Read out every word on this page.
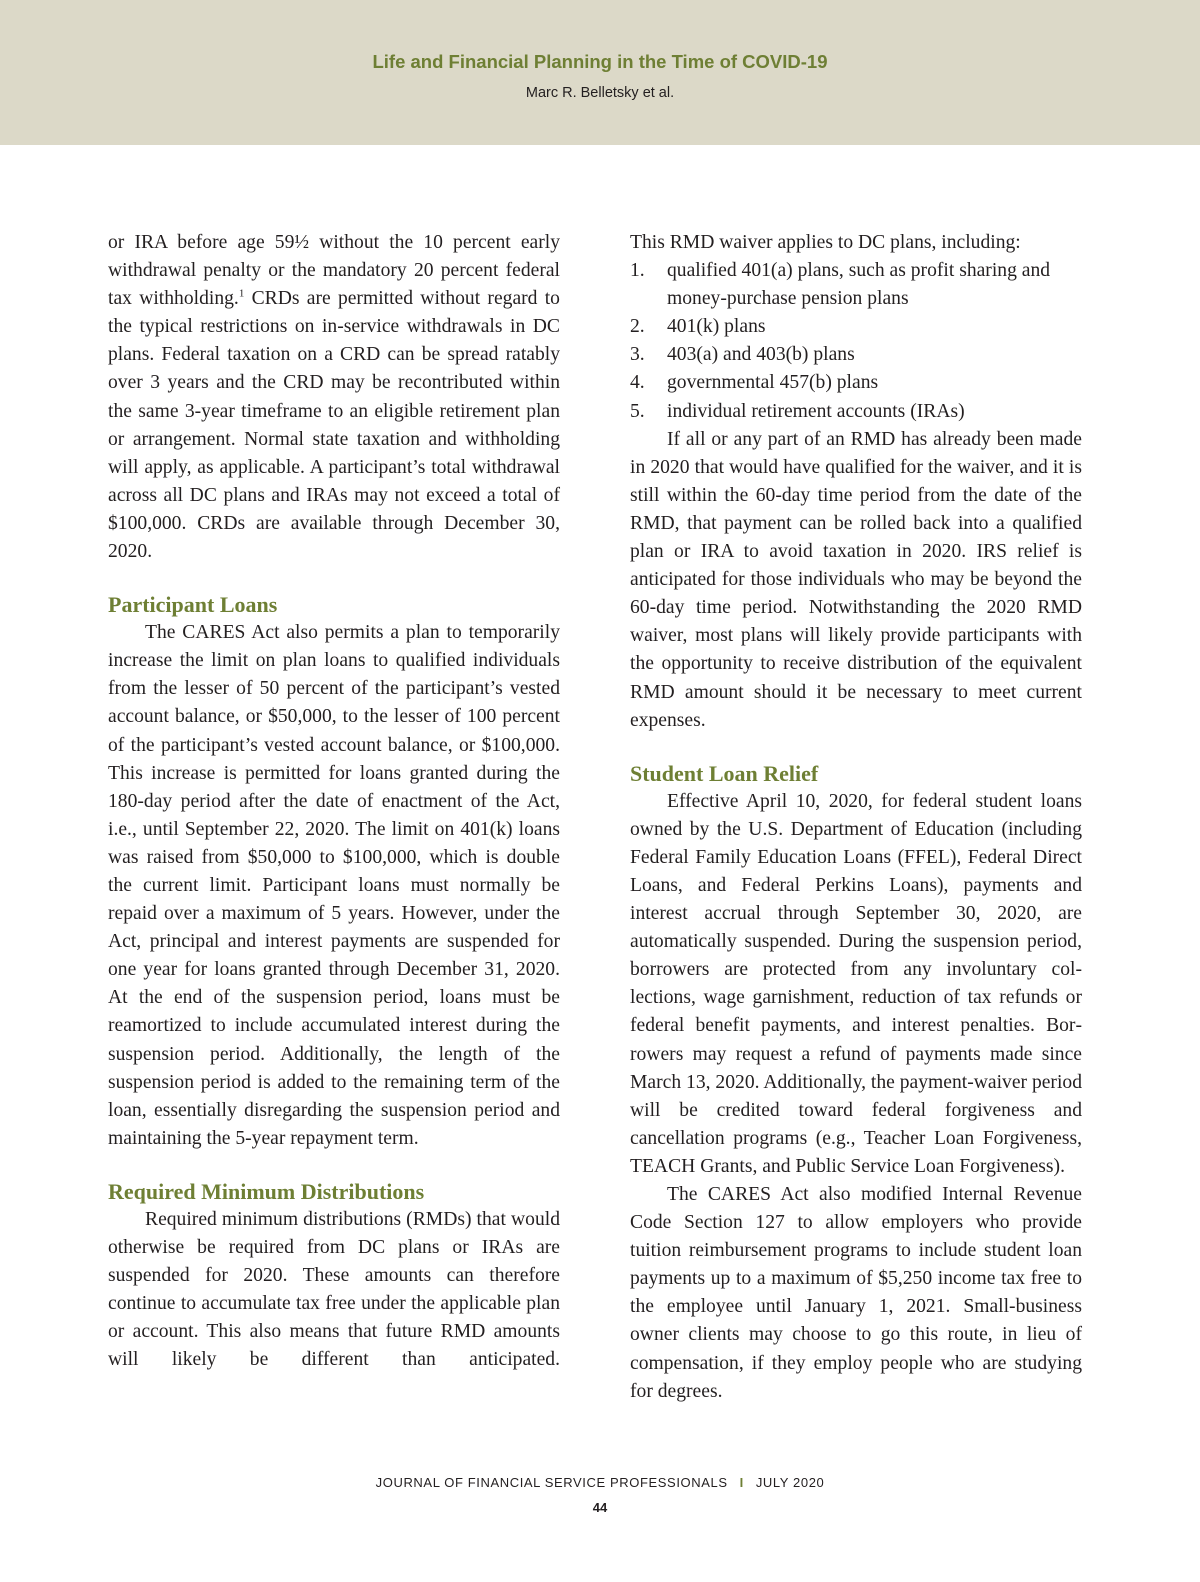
Life and Financial Planning in the Time of COVID-19
Marc R. Belletsky et al.

or IRA before age 59½ without the 10 percent early withdrawal penalty or the mandatory 20 percent federal tax withholding.$^1$ CRDs are permitted without regard to the typical restrictions on in-service withdrawals in DC plans. Federal taxation on a CRD can be spread ratably over 3 years and the CRD may be recontributed within the same 3-year timeframe to an eligible retirement plan or arrangement. Normal state taxation and withholding will apply, as applicable. A participant’s total withdrawal across all DC plans and IRAs may not exceed a total of $100,000. CRDs are available through December 30, 2020.

Participant Loans

The CARES Act also permits a plan to temporarily increase the limit on plan loans to qualified individuals from the lesser of 50 percent of the participant’s vested account balance, or $50,000, to the lesser of 100 percent of the participant’s vested account balance, or $100,000. This increase is permitted for loans granted during the 180-day period after the date of enactment of the Act, i.e., until September 22, 2020. The limit on 401(k) loans was raised from $50,000 to $100,000, which is double the current limit. Participant loans must normally be repaid over a maximum of 5 years. However, under the Act, principal and interest payments are suspended for one year for loans granted through December 31, 2020. At the end of the suspension period, loans must be reamortized to include accumulated interest during the suspension period. Additionally, the length of the suspension period is added to the remaining term of the loan, essentially disregarding the suspension period and maintaining the 5-year repayment term.

Required Minimum Distributions

Required minimum distributions (RMDs) that would otherwise be required from DC plans or IRAs are suspended for 2020. These amounts can therefore continue to accumulate tax free under the applicable plan or account. This also means that future RMD amounts will likely be different than anticipated.

This RMD waiver applies to DC plans, including:

1. qualified 401(a) plans, such as profit sharing and money-purchase pension plans
2. 401(k) plans
3. 403(a) and 403(b) plans
4. governmental 457(b) plans
5. individual retirement accounts (IRAs)

If all or any part of an RMD has already been made in 2020 that would have qualified for the waiver, and it is still within the 60-day time period from the date of the RMD, that payment can be rolled back into a qualified plan or IRA to avoid taxation in 2020. IRS relief is anticipated for those individuals who may be beyond the 60-day time period. Notwithstanding the 2020 RMD waiver, most plans will likely provide participants with the opportunity to receive distribution of the equivalent RMD amount should it be necessary to meet current expenses.

Student Loan Relief

Effective April 10, 2020, for federal student loans owned by the U.S. Department of Education (including Federal Family Education Loans (FFEL), Federal Direct Loans, and Federal Perkins Loans), payments and interest accrual through September 30, 2020, are automatically suspended. During the suspension period, borrowers are protected from any involuntary collections, wage garnishment, reduction of tax refunds or federal benefit payments, and interest penalties. Borrowers may request a refund of payments made since March 13, 2020. Additionally, the payment-waiver period will be credited toward federal forgiveness and cancellation programs (e.g., Teacher Loan Forgiveness, TEACH Grants, and Public Service Loan Forgiveness).

The CARES Act also modified Internal Revenue Code Section 127 to allow employers who provide tuition reimbursement programs to include student loan payments up to a maximum of $5,250 income tax free to the employee until January 1, 2021. Small-business owner clients may choose to go this route, in lieu of compensation, if they employ people who are studying for degrees.

JOURNAL OF FINANCIAL SERVICE PROFESSIONALS I JULY 2020
44
